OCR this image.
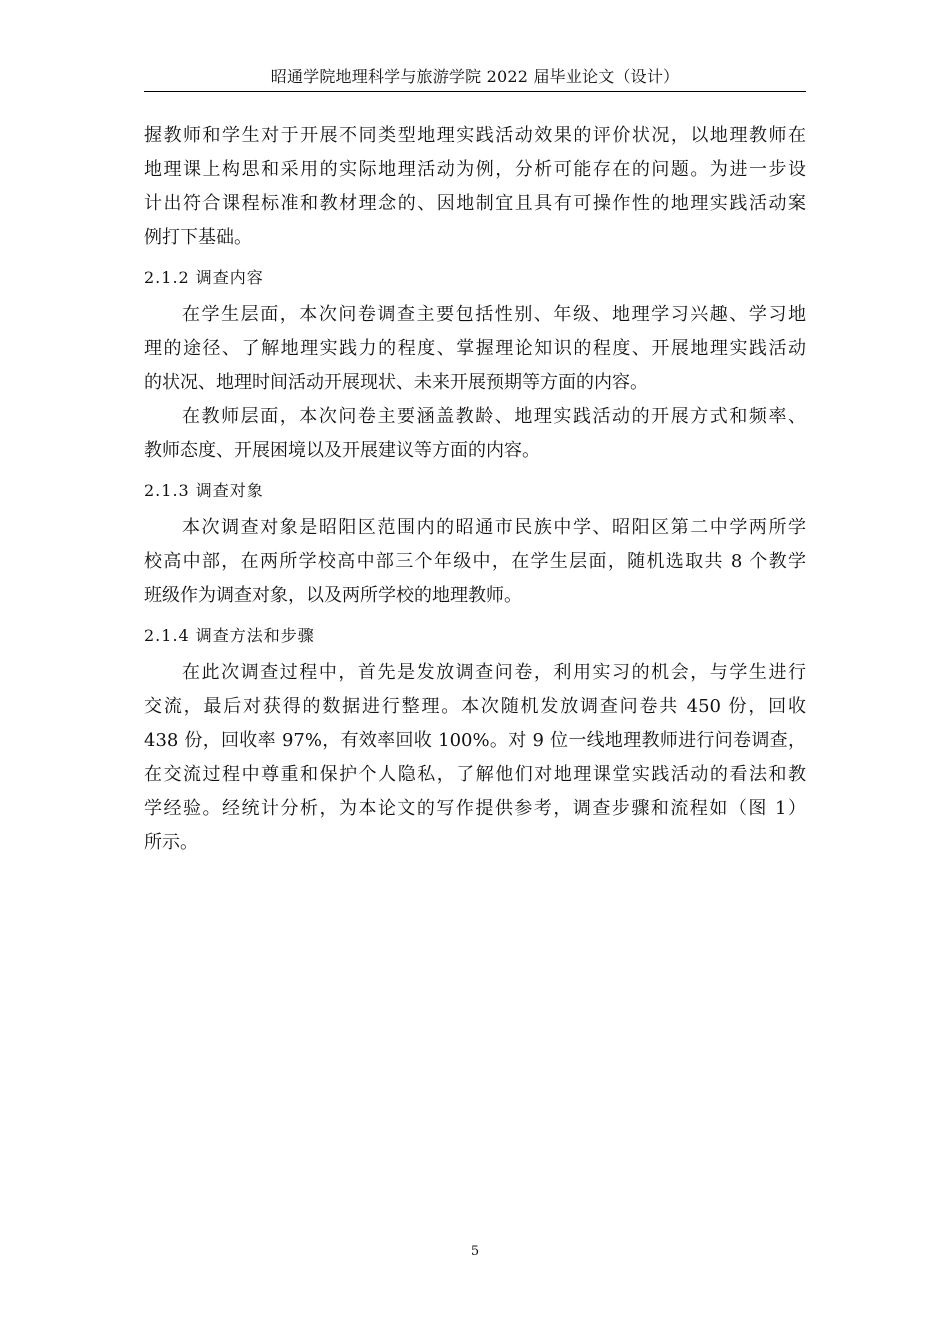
昭通学院地理科学与旅游学院 2022 届毕业论文（设计）
握教师和学生对于开展不同类型地理实践活动效果的评价状况，以地理教师在
地理课上构思和采用的实际地理活动为例，分析可能存在的问题。为进一步设
计出符合课程标准和教材理念的、因地制宜且具有可操作性的地理实践活动案
例打下基础。
2.1.2 调查内容
在学生层面，本次问卷调查主要包括性别、年级、地理学习兴趣、学习地
理的途径、了解地理实践力的程度、掌握理论知识的程度、开展地理实践活动
的状况、地理时间活动开展现状、未来开展预期等方面的内容。
在教师层面，本次问卷主要涵盖教龄、地理实践活动的开展方式和频率、
教师态度、开展困境以及开展建议等方面的内容。
2.1.3 调查对象
本次调查对象是昭阳区范围内的昭通市民族中学、昭阳区第二中学两所学
校高中部，在两所学校高中部三个年级中，在学生层面，随机选取共 8 个教学
班级作为调查对象，以及两所学校的地理教师。
2.1.4 调查方法和步骤
在此次调查过程中，首先是发放调查问卷，利用实习的机会，与学生进行
交流，最后对获得的数据进行整理。本次随机发放调查问卷共 450 份，回收
438 份，回收率 97%，有效率回收 100%。对 9 位一线地理教师进行问卷调查，
在交流过程中尊重和保护个人隐私，了解他们对地理课堂实践活动的看法和教
学经验。经统计分析，为本论文的写作提供参考，调查步骤和流程如（图 1）
所示。
5
